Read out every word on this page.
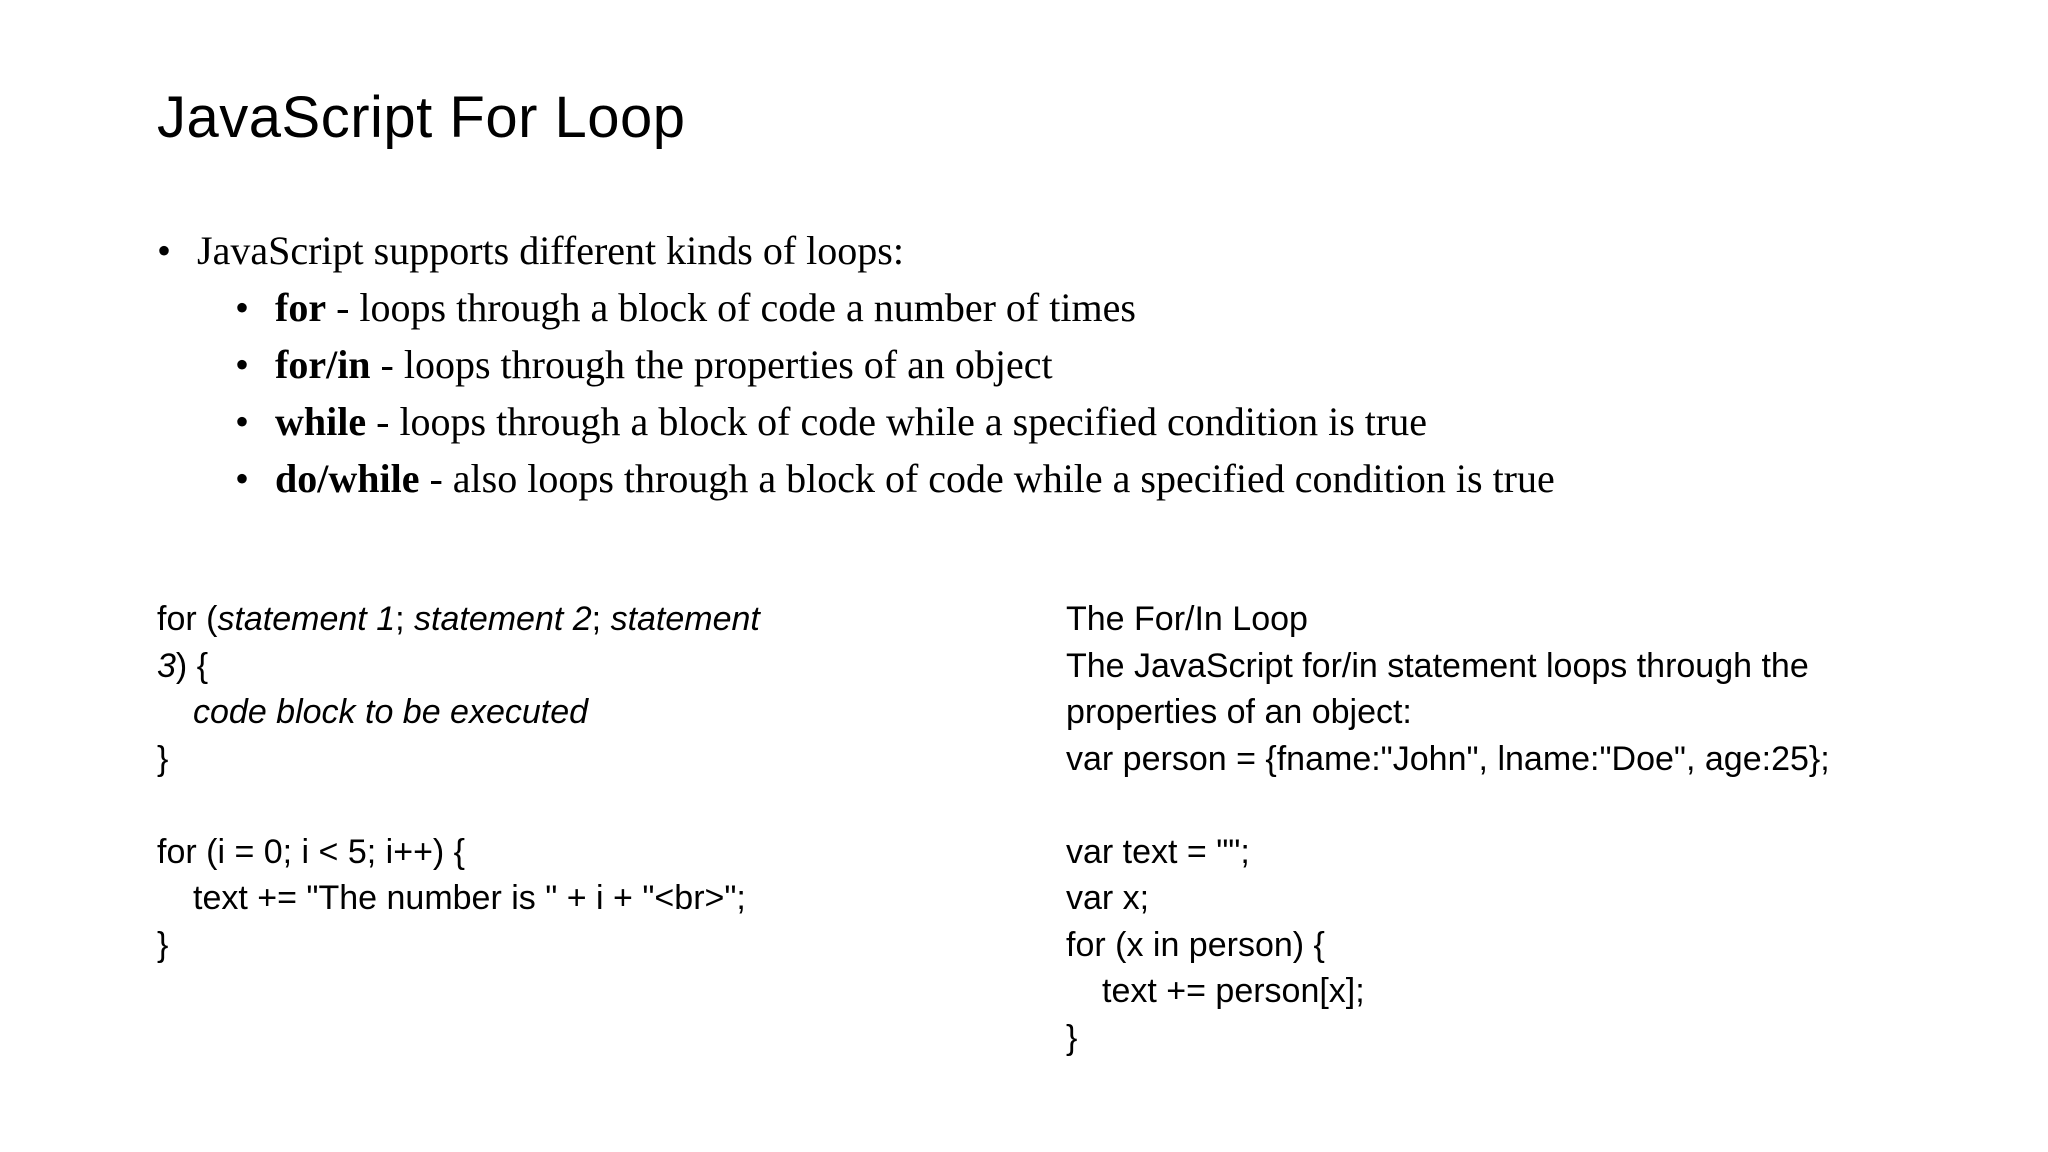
JavaScript For Loop
• JavaScript supports different kinds of loops:
• for - loops through a block of code a number of times
• for/in - loops through the properties of an object
• while - loops through a block of code while a specified condition is true
• do/while - also loops through a block of code while a specified condition is true
for (statement 1; statement 2; statement
3) {
code block to be executed
}
for (i = 0; i < 5; i++) {
text += "The number is " + i + "<br>";
}
The For/In Loop
The JavaScript for/in statement loops through the
properties of an object:
var person = {fname:"John", lname:"Doe", age:25};
var text = "";
var x;
for (x in person) {
text += person[x];
}
